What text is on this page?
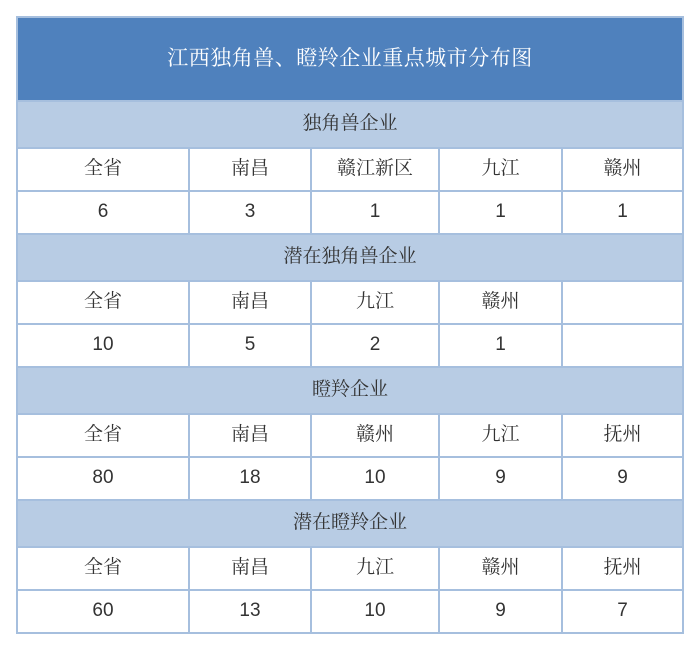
江西独角兽、瞪羚企业重点城市分布图
独角兽企业
全省	南昌	赣江新区	九江	赣州
6	3	1	1	1
潜在独角兽企业
全省	南昌	九江	赣州
10	5	2	1
瞪羚企业
全省	南昌	赣州	九江	抚州
80	18	10	9	9
潜在瞪羚企业
全省	南昌	九江	赣州	抚州
60	13	10	9	7
